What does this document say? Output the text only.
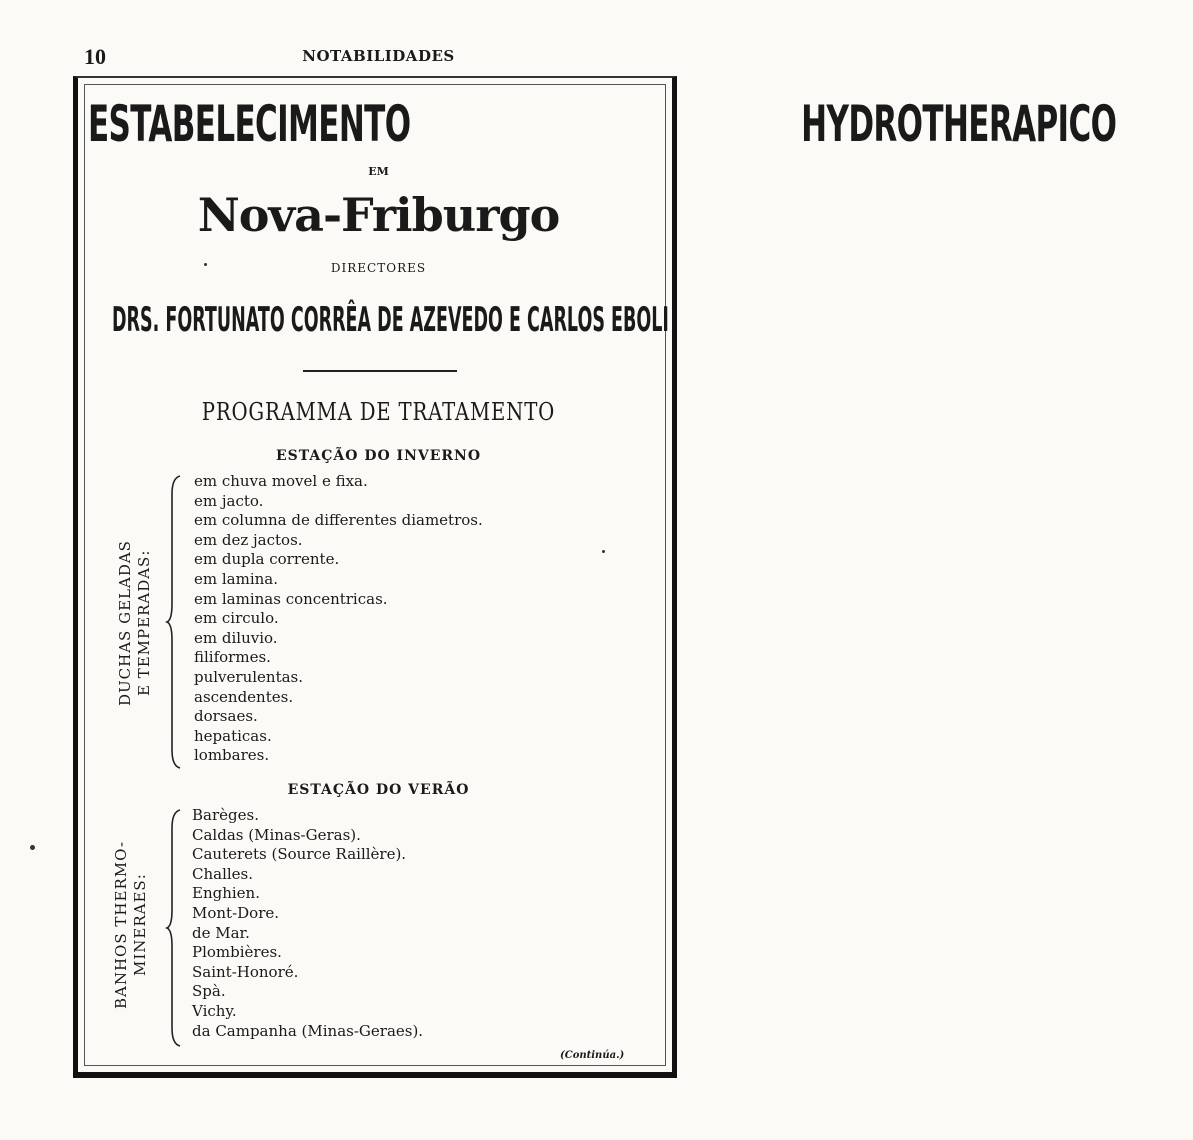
10	NOTABILIDADES
ESTABELECIMENTO	HYDROTHERAPICO
EM
Nova-Friburgo
DIRECTORES
DRS. FORTUNATO CORRÊA DE AZEVEDO E CARLOS EBOLI
PROGRAMMA DE TRATAMENTO
ESTAÇÃO DO INVERNO
DUCHAS GELADAS E TEMPERADAS:
em chuva movel e fixa.
em jacto.
em columna de differentes diametros.
em dez jactos.
em dupla corrente.
em lamina.
em laminas concentricas.
em circulo.
em diluvio.
filiformes.
pulverulentas.
ascendentes.
dorsaes.
hepaticas.
lombares.
ESTAÇÃO DO VERÃO
BANHOS THERMO- MINERAES:
Barèges.
Caldas (Minas-Geras).
Cauterets (Source Raillère).
Challes.
Enghien.
Mont-Dore.
de Mar.
Plombières.
Saint-Honoré.
Spà.
Vichy.
da Campanha (Minas-Geraes).
(Continúa.)
